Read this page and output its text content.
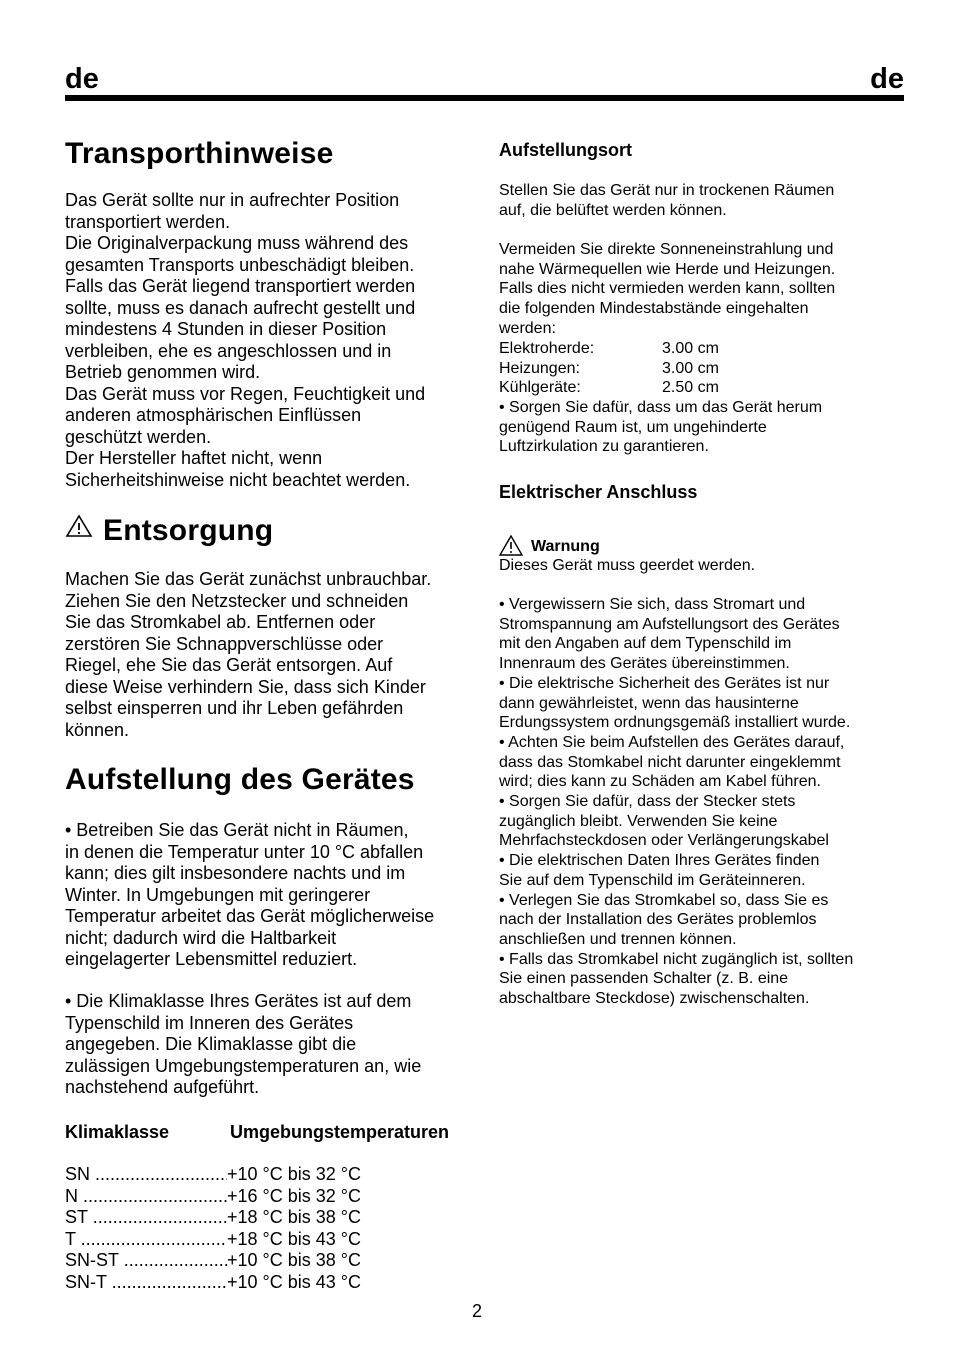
de	de
Transporthinweise
Das Gerät sollte nur in aufrechter Position
transportiert werden.
Die Originalverpackung muss während des
gesamten Transports unbeschädigt bleiben.
Falls das Gerät liegend transportiert werden
sollte, muss es danach aufrecht gestellt und
mindestens 4 Stunden in dieser Position
verbleiben, ehe es angeschlossen und in
Betrieb genommen wird.
Das Gerät muss vor Regen, Feuchtigkeit und
anderen atmosphärischen Einflüssen
geschützt werden.
Der Hersteller haftet nicht, wenn
Sicherheitshinweise nicht beachtet werden.
Entsorgung
Machen Sie das Gerät zunächst unbrauchbar.
Ziehen Sie den Netzstecker und schneiden
Sie das Stromkabel ab. Entfernen oder
zerstören Sie Schnappverschlüsse oder
Riegel, ehe Sie das Gerät entsorgen. Auf
diese Weise verhindern Sie, dass sich Kinder
selbst einsperren und ihr Leben gefährden
können.
Aufstellung des Gerätes
• Betreiben Sie das Gerät nicht in Räumen,
in denen die Temperatur unter 10 °C abfallen
kann; dies gilt insbesondere nachts und im
Winter. In Umgebungen mit geringerer
Temperatur arbeitet das Gerät möglicherweise
nicht; dadurch wird die Haltbarkeit
eingelagerter Lebensmittel reduziert.
• Die Klimaklasse Ihres Gerätes ist auf dem
Typenschild im Inneren des Gerätes
angegeben. Die Klimaklasse gibt die
zulässigen Umgebungstemperaturen an, wie
nachstehend aufgeführt.
Klimaklasse	Umgebungstemperaturen
SN .....	+10 °C bis 32 °C
N .....	+16 °C bis 32 °C
ST .....	+18 °C bis 38 °C
T .....	+18 °C bis 43 °C
SN-ST .....	+10 °C bis 38 °C
SN-T .....	+10 °C bis 43 °C
Aufstellungsort
Stellen Sie das Gerät nur in trockenen Räumen
auf, die belüftet werden können.
Vermeiden Sie direkte Sonneneinstrahlung und
nahe Wärmequellen wie Herde und Heizungen.
Falls dies nicht vermieden werden kann, sollten
die folgenden Mindestabstände eingehalten
werden:
Elektroherde:	3.00 cm
Heizungen:	3.00 cm
Kühlgeräte:	2.50 cm
• Sorgen Sie dafür, dass um das Gerät herum
genügend Raum ist, um ungehinderte
Luftzirkulation zu garantieren.
Elektrischer Anschluss
Warnung
Dieses Gerät muss geerdet werden.
• Vergewissern Sie sich, dass Stromart und
Stromspannung am Aufstellungsort des Gerätes
mit den Angaben auf dem Typenschild im
Innenraum des Gerätes übereinstimmen.
• Die elektrische Sicherheit des Gerätes ist nur
dann gewährleistet, wenn das hausinterne
Erdungssystem ordnungsgemäß installiert wurde.
• Achten Sie beim Aufstellen des Gerätes darauf,
dass das Stomkabel nicht darunter eingeklemmt
wird; dies kann zu Schäden am Kabel führen.
• Sorgen Sie dafür, dass der Stecker stets
zugänglich bleibt. Verwenden Sie keine
Mehrfachsteckdosen oder Verlängerungskabel
• Die elektrischen Daten Ihres Gerätes finden
Sie auf dem Typenschild im Geräteinneren.
• Verlegen Sie das Stromkabel so, dass Sie es
nach der Installation des Gerätes problemlos
anschließen und trennen können.
• Falls das Stromkabel nicht zugänglich ist, sollten
Sie einen passenden Schalter (z. B. eine
abschaltbare Steckdose) zwischenschalten.
2
